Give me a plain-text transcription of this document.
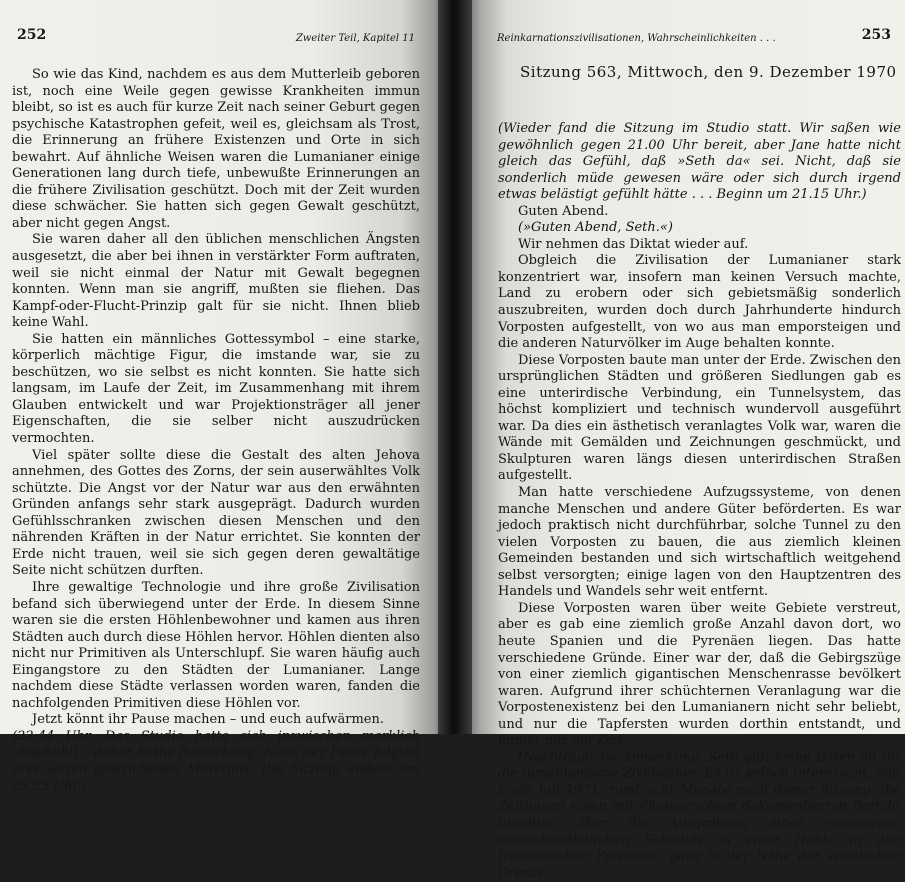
252	Zweiter Teil, Kapitel 11

So wie das Kind, nachdem es aus dem Mutterleib geboren ist, noch eine Weile gegen gewisse Krankheiten immun bleibt, so ist es auch für kurze Zeit nach seiner Geburt gegen psychische Katastrophen gefeit, weil es, gleichsam als Trost, die Erinnerung an frühere Existenzen und Orte in sich bewahrt. Auf ähnliche Weisen waren die Lumanianer einige Generationen lang durch tiefe, unbewußte Erinnerungen an die frühere Zivilisation geschützt. Doch mit der Zeit wurden diese schwächer. Sie hatten sich gegen Gewalt geschützt, aber nicht gegen Angst.

Sie waren daher all den üblichen menschlichen Ängsten ausgesetzt, die aber bei ihnen in verstärkter Form auftraten, weil sie nicht einmal der Natur mit Gewalt begegnen konnten. Wenn man sie angriff, mußten sie fliehen. Das Kampf-oder-Flucht-Prinzip galt für sie nicht. Ihnen blieb keine Wahl.

Sie hatten ein männliches Gottessymbol – eine starke, körperlich mächtige Figur, die imstande war, sie zu beschützen, wo sie selbst es nicht konnten. Sie hatte sich langsam, im Laufe der Zeit, im Zusammenhang mit ihrem Glauben entwickelt und war Projektionsträger all jener Eigenschaften, die sie selber nicht auszudrücken vermochten.

Viel später sollte diese die Gestalt des alten Jehova annehmen, des Gottes des Zorns, der sein auserwähltes Volk schützte. Die Angst vor der Natur war aus den erwähnten Gründen anfangs sehr stark ausgeprägt. Dadurch wurden Gefühlsschranken zwischen diesen Menschen und den nährenden Kräften in der Natur errichtet. Sie konnten der Erde nicht trauen, weil sie sich gegen deren gewaltätige Seite nicht schützen durften.

Ihre gewaltige Technologie und ihre große Zivilisation befand sich überwiegend unter der Erde. In diesem Sinne waren sie die ersten Höhlenbewohner und kamen aus ihren Städten auch durch diese Höhlen hervor. Höhlen dienten also nicht nur Primitiven als Unterschlupf. Sie waren häufig auch Eingangstore zu den Städten der Lumanianer. Lange nachdem diese Städte verlassen worden waren, fanden die nachfolgenden Primitiven diese Höhlen vor.

Jetzt könnt ihr Pause machen – und euch aufwärmen.

(22.44 Uhr. Das Studio hatte sich inzwischen merklich abgekühlt – daher Seths Bemerkung. Nach der Pause folgten drei Seiten gestrichenen Materials. Die Sitzung endete um 23.25 Uhr.)

253
Reinkarnationszivilisationen, Wahrscheinlichkeiten . . .
Sitzung 563, Mittwoch, den 9. Dezember 1970

(Wieder fand die Sitzung im Studio statt. Wir saßen wie gewöhnlich gegen 21.00 Uhr bereit, aber Jane hatte nicht gleich das Gefühl, daß »Seth da« sei. Nicht, daß sie sonderlich müde gewesen wäre oder sich durch irgend etwas belästigt gefühlt hätte . . . Beginn um 21.15 Uhr.)

Guten Abend.

(»Guten Abend, Seth.«)

Wir nehmen das Diktat wieder auf.

Obgleich die Zivilisation der Lumanianer stark konzentriert war, insofern man keinen Versuch machte, Land zu erobern oder sich gebietsmäßig sonderlich auszubreiten, wurden doch durch Jahrhunderte hindurch Vorposten aufgestellt, von wo aus man emporsteigen und die anderen Naturvölker im Auge behalten konnte.

Diese Vorposten baute man unter der Erde. Zwischen den ursprünglichen Städten und größeren Siedlungen gab es eine unterirdische Verbindung, ein Tunnelsystem, das höchst kompliziert und technisch wundervoll ausgeführt war. Da dies ein ästhetisch veranlagtes Volk war, waren die Wände mit Gemälden und Zeichnungen geschmückt, und Skulpturen waren längs diesen unterirdischen Straßen aufgestellt.

Man hatte verschiedene Aufzugssysteme, von denen manche Menschen und andere Güter beförderten. Es war jedoch praktisch nicht durchführbar, solche Tunnel zu den vielen Vorposten zu bauen, die aus ziemlich kleinen Gemeinden bestanden und sich wirtschaftlich weitgehend selbst versorgten; einige lagen von den Hauptzentren des Handels und Wandels sehr weit entfernt.

Diese Vorposten waren über weite Gebiete verstreut, aber es gab eine ziemlich große Anzahl davon dort, wo heute Spanien und die Pyrenäen liegen. Das hatte verschiedene Gründe. Einer war der, daß die Gebirgszüge von einer ziemlich gigantischen Menschenrasse bevölkert waren. Aufgrund ihrer schüchternen Veranlagung war die Vorpostenexistenz bei den Lumanianern nicht sehr beliebt, und nur die Tapfersten wurden dorthin entstandt, und immer nur auf Zeit.

(Nachträgliche Anmerkung: Seth gibt keine Daten an für die lumanianische Zivilisation. Es ist jedoch interessant, daß Ende Juli 1971, rund acht Monate nach dieser Sitzung, die Zeitungen einen mit Photographien dokumentierten Bericht brachten über die Ausgrabung eines »massiven« menschenähnlichen Schädels in einer Höhle in den französischen Pyrenäen, ganz in der Nähe der spanischen Grenze.
